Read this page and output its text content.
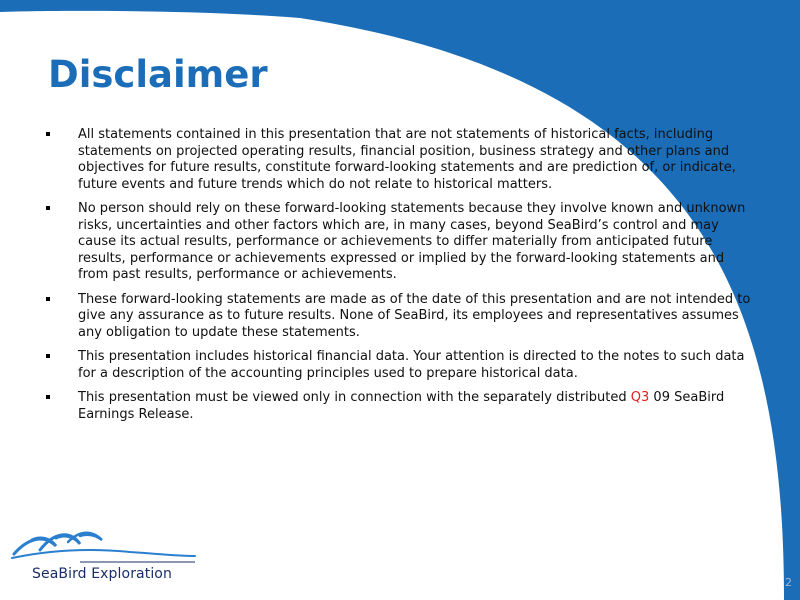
Disclaimer
All statements contained in this presentation that are not statements of historical facts, including statements on projected operating results, financial position, business strategy and other plans and objectives for future results, constitute forward-looking statements and are prediction of, or indicate, future events and future trends which do not relate to historical matters.
No person should rely on these forward-looking statements because they involve known and unknown risks, uncertainties and other factors which are, in many cases, beyond SeaBird’s control and may cause its actual results, performance or achievements to differ materially from anticipated future results, performance or achievements expressed or implied by the forward-looking statements and from past results, performance or achievements.
These forward-looking statements are made as of the date of this presentation and are not intended to give any assurance as to future results. None of SeaBird, its employees and representatives assumes any obligation to update these statements.
This presentation includes historical financial data. Your attention is directed to the notes to such data for a description of the accounting principles used to prepare historical data.
This presentation must be viewed only in connection with the separately distributed Q3 09 SeaBird Earnings Release.
SeaBird Exploration
2
